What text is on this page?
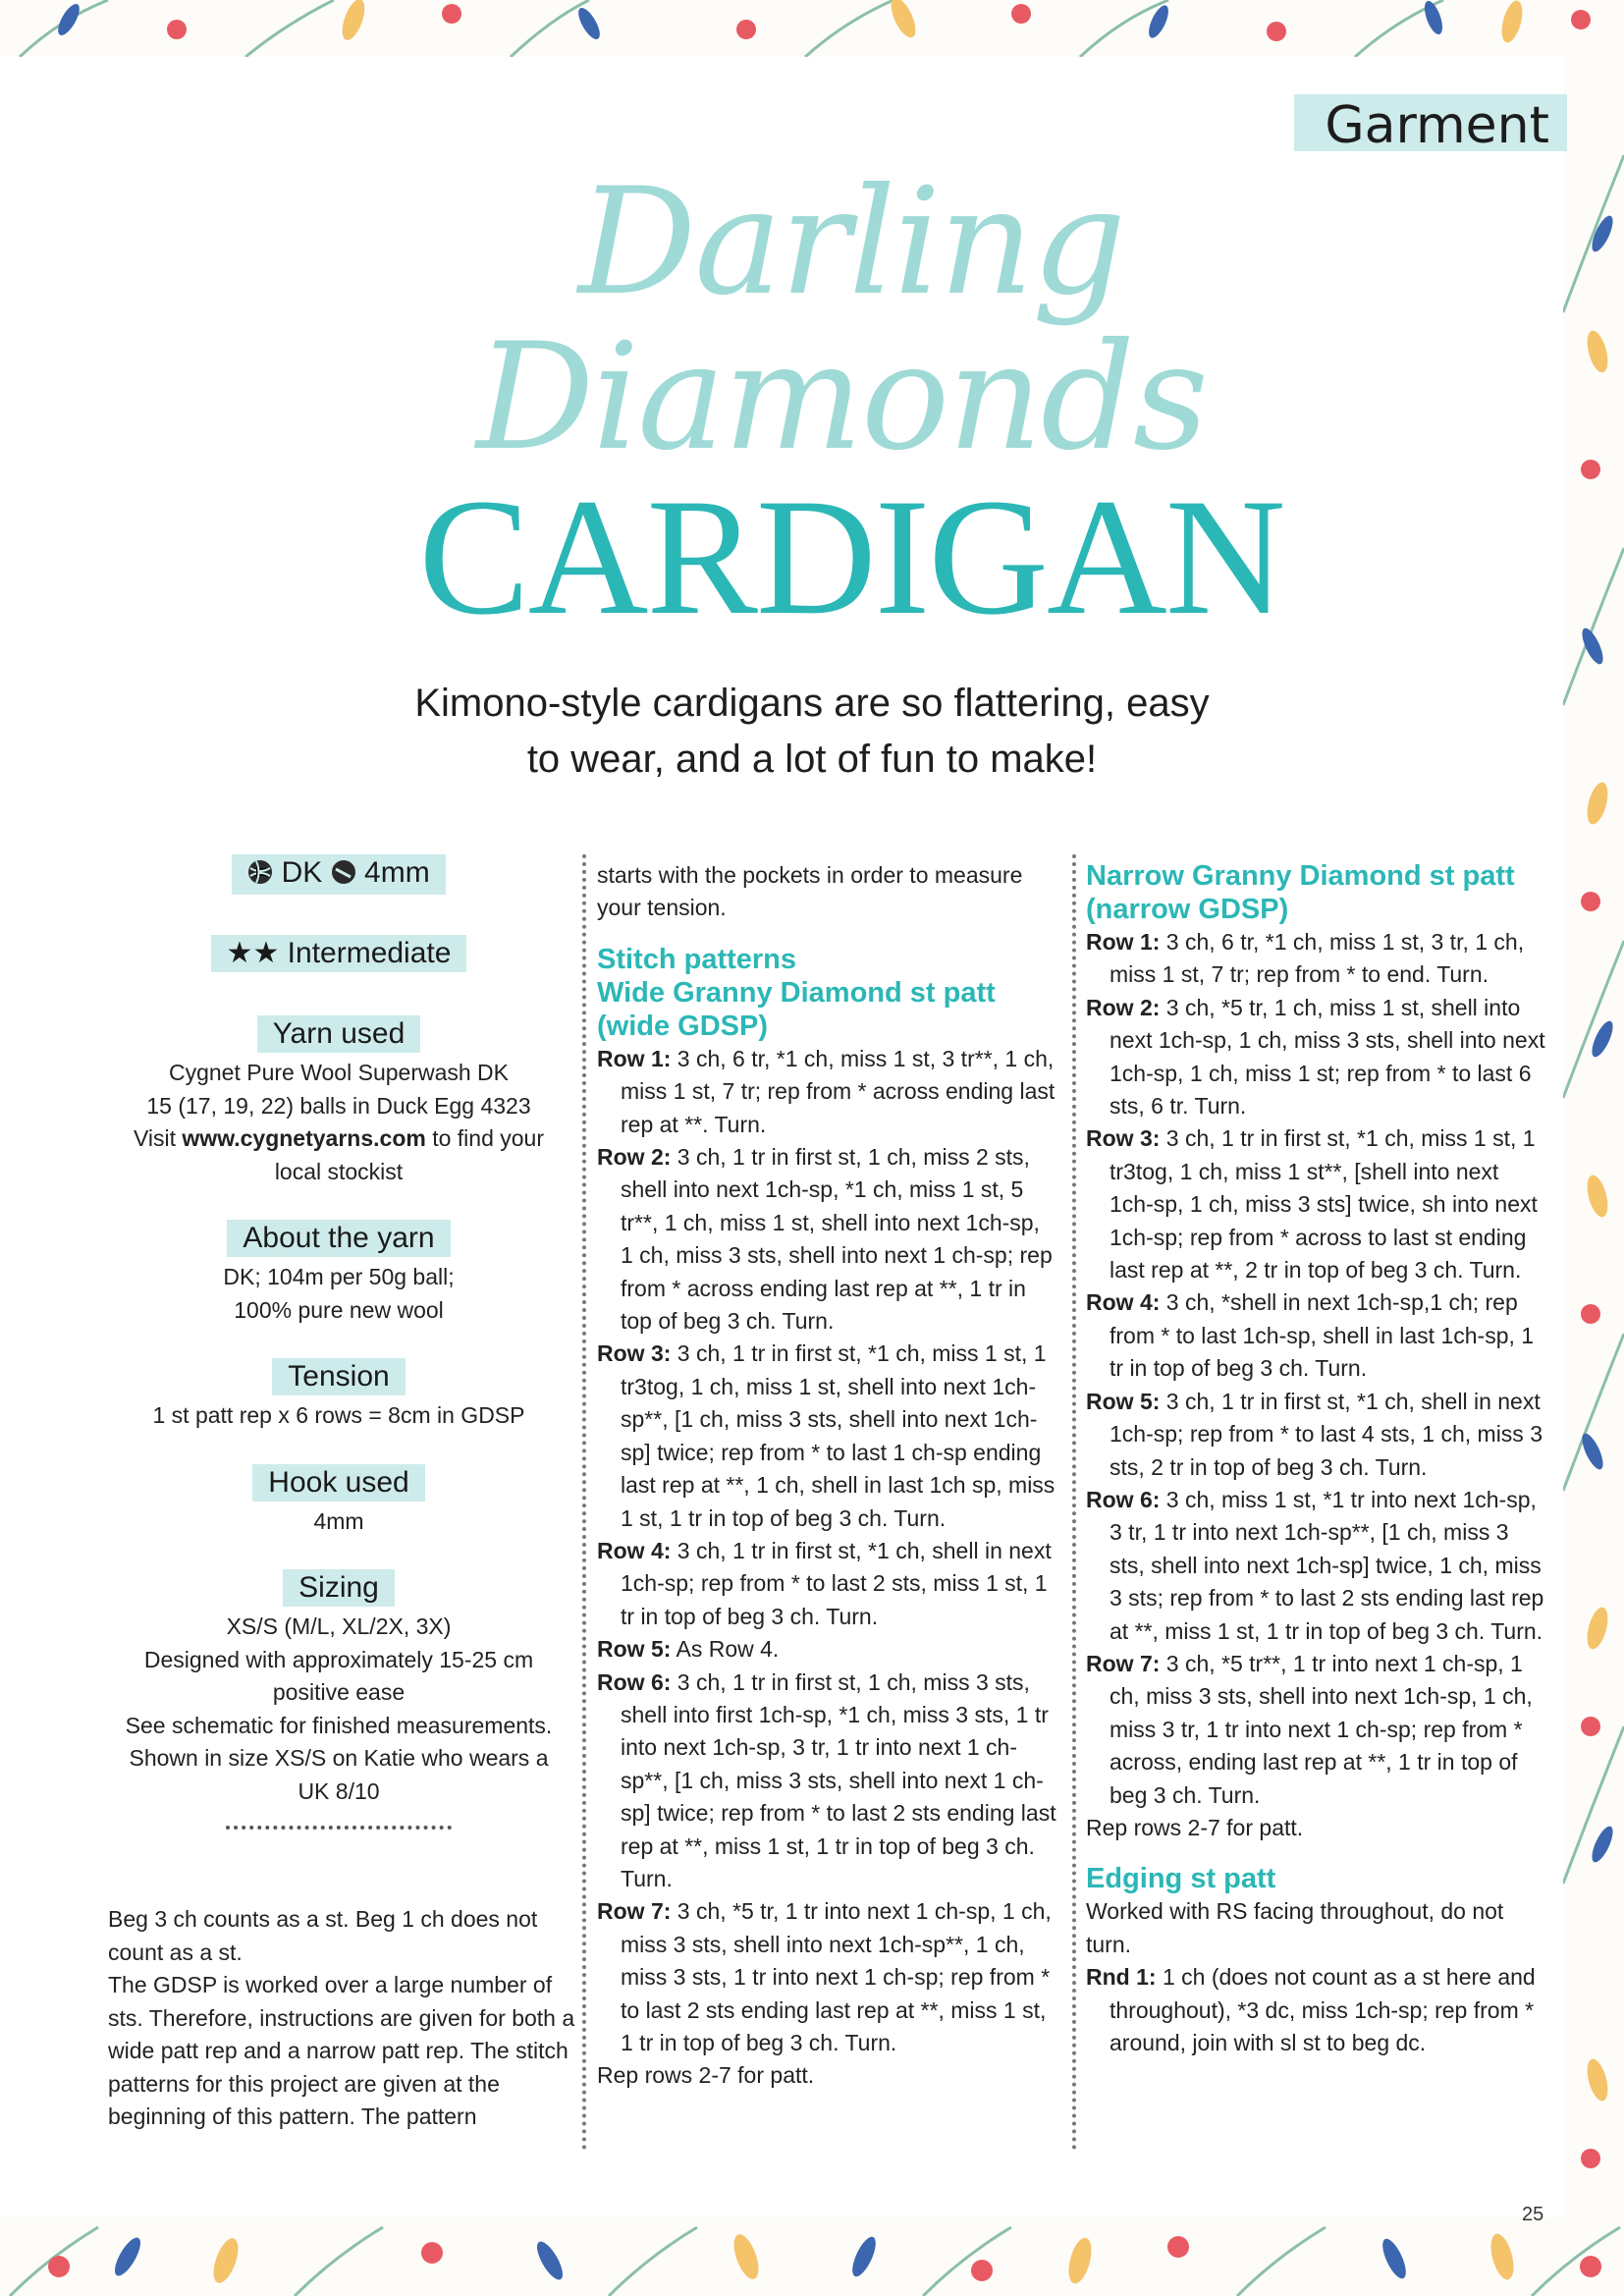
Garment
Darling
Diamonds
CARDIGAN
Kimono-style cardigans are so flattering, easy
to wear, and a lot of fun to make!
DK 4mm
★★ Intermediate
Yarn used
Cygnet Pure Wool Superwash DK
15 (17, 19, 22) balls in Duck Egg 4323
Visit www.cygnetyarns.com to find your
local stockist
About the yarn
DK; 104m per 50g ball;
100% pure new wool
Tension
1 st patt rep x 6 rows = 8cm in GDSP
Hook used
4mm
Sizing
XS/S (M/L, XL/2X, 3X)
Designed with approximately 15-25 cm
positive ease
See schematic for finished measurements.
Shown in size XS/S on Katie who wears a
UK 8/10
Beg 3 ch counts as a st. Beg 1 ch does not count as a st.
The GDSP is worked over a large number of sts. Therefore, instructions are given for both a wide patt rep and a narrow patt rep. The stitch patterns for this project are given at the beginning of this pattern. The pattern

starts with the pockets in order to measure your tension.

Stitch patterns
Wide Granny Diamond st patt (wide GDSP)

Row 1: 3 ch, 6 tr, *1 ch, miss 1 st, 3 tr**, 1 ch, miss 1 st, 7 tr; rep from * across ending last rep at **. Turn.

Row 2: 3 ch, 1 tr in first st, 1 ch, miss 2 sts, shell into next 1ch-sp, *1 ch, miss 1 st, 5 tr**, 1 ch, miss 1 st, shell into next 1ch-sp, 1 ch, miss 3 sts, shell into next 1 ch-sp; rep from * across ending last rep at **, 1 tr in top of beg 3 ch. Turn.

Row 3: 3 ch, 1 tr in first st, *1 ch, miss 1 st, 1 tr3tog, 1 ch, miss 1 st, shell into next 1ch-sp**, [1 ch, miss 3 sts, shell into next 1ch-sp] twice; rep from * to last 1 ch-sp ending last rep at **, 1 ch, shell in last 1ch sp, miss 1 st, 1 tr in top of beg 3 ch. Turn.

Row 4: 3 ch, 1 tr in first st, *1 ch, shell in next 1ch-sp; rep from * to last 2 sts, miss 1 st, 1 tr in top of beg 3 ch. Turn.

Row 5: As Row 4.

Row 6: 3 ch, 1 tr in first st, 1 ch, miss 3 sts, shell into first 1ch-sp, *1 ch, miss 3 sts, 1 tr into next 1ch-sp, 3 tr, 1 tr into next 1 ch-sp**, [1 ch, miss 3 sts, shell into next 1 ch-sp] twice; rep from * to last 2 sts ending last rep at **, miss 1 st, 1 tr in top of beg 3 ch. Turn.

Row 7: 3 ch, *5 tr, 1 tr into next 1 ch-sp, 1 ch, miss 3 sts, shell into next 1ch-sp**, 1 ch, miss 3 sts, 1 tr into next 1 ch-sp; rep from * to last 2 sts ending last rep at **, miss 1 st, 1 tr in top of beg 3 ch. Turn.

Rep rows 2-7 for patt.

Narrow Granny Diamond st patt (narrow GDSP)

Row 1: 3 ch, 6 tr, *1 ch, miss 1 st, 3 tr, 1 ch, miss 1 st, 7 tr; rep from * to end. Turn.

Row 2: 3 ch, *5 tr, 1 ch, miss 1 st, shell into next 1ch-sp, 1 ch, miss 3 sts, shell into next 1ch-sp, 1 ch, miss 1 st; rep from * to last 6 sts, 6 tr. Turn.

Row 3: 3 ch, 1 tr in first st, *1 ch, miss 1 st, 1 tr3tog, 1 ch, miss 1 st**, [shell into next 1ch-sp, 1 ch, miss 3 sts] twice, sh into next 1ch-sp; rep from * across to last st ending last rep at **, 2 tr in top of beg 3 ch. Turn.

Row 4: 3 ch, *shell in next 1ch-sp,1 ch; rep from * to last 1ch-sp, shell in last 1ch-sp, 1 tr in top of beg 3 ch. Turn.

Row 5: 3 ch, 1 tr in first st, *1 ch, shell in next 1ch-sp; rep from * to last 4 sts, 1 ch, miss 3 sts, 2 tr in top of beg 3 ch. Turn.

Row 6: 3 ch, miss 1 st, *1 tr into next 1ch-sp, 3 tr, 1 tr into next 1ch-sp**, [1 ch, miss 3 sts, shell into next 1ch-sp] twice, 1 ch, miss 3 sts; rep from * to last 2 sts ending last rep at **, miss 1 st, 1 tr in top of beg 3 ch. Turn.

Row 7: 3 ch, *5 tr**, 1 tr into next 1 ch-sp, 1 ch, miss 3 sts, shell into next 1ch-sp, 1 ch, miss 3 tr, 1 tr into next 1 ch-sp; rep from * across, ending last rep at **, 1 tr in top of beg 3 ch. Turn.

Rep rows 2-7 for patt.

Edging st patt

Worked with RS facing throughout, do not turn.

Rnd 1: 1 ch (does not count as a st here and throughout), *3 dc, miss 1ch-sp; rep from * around, join with sl st to beg dc.

25
